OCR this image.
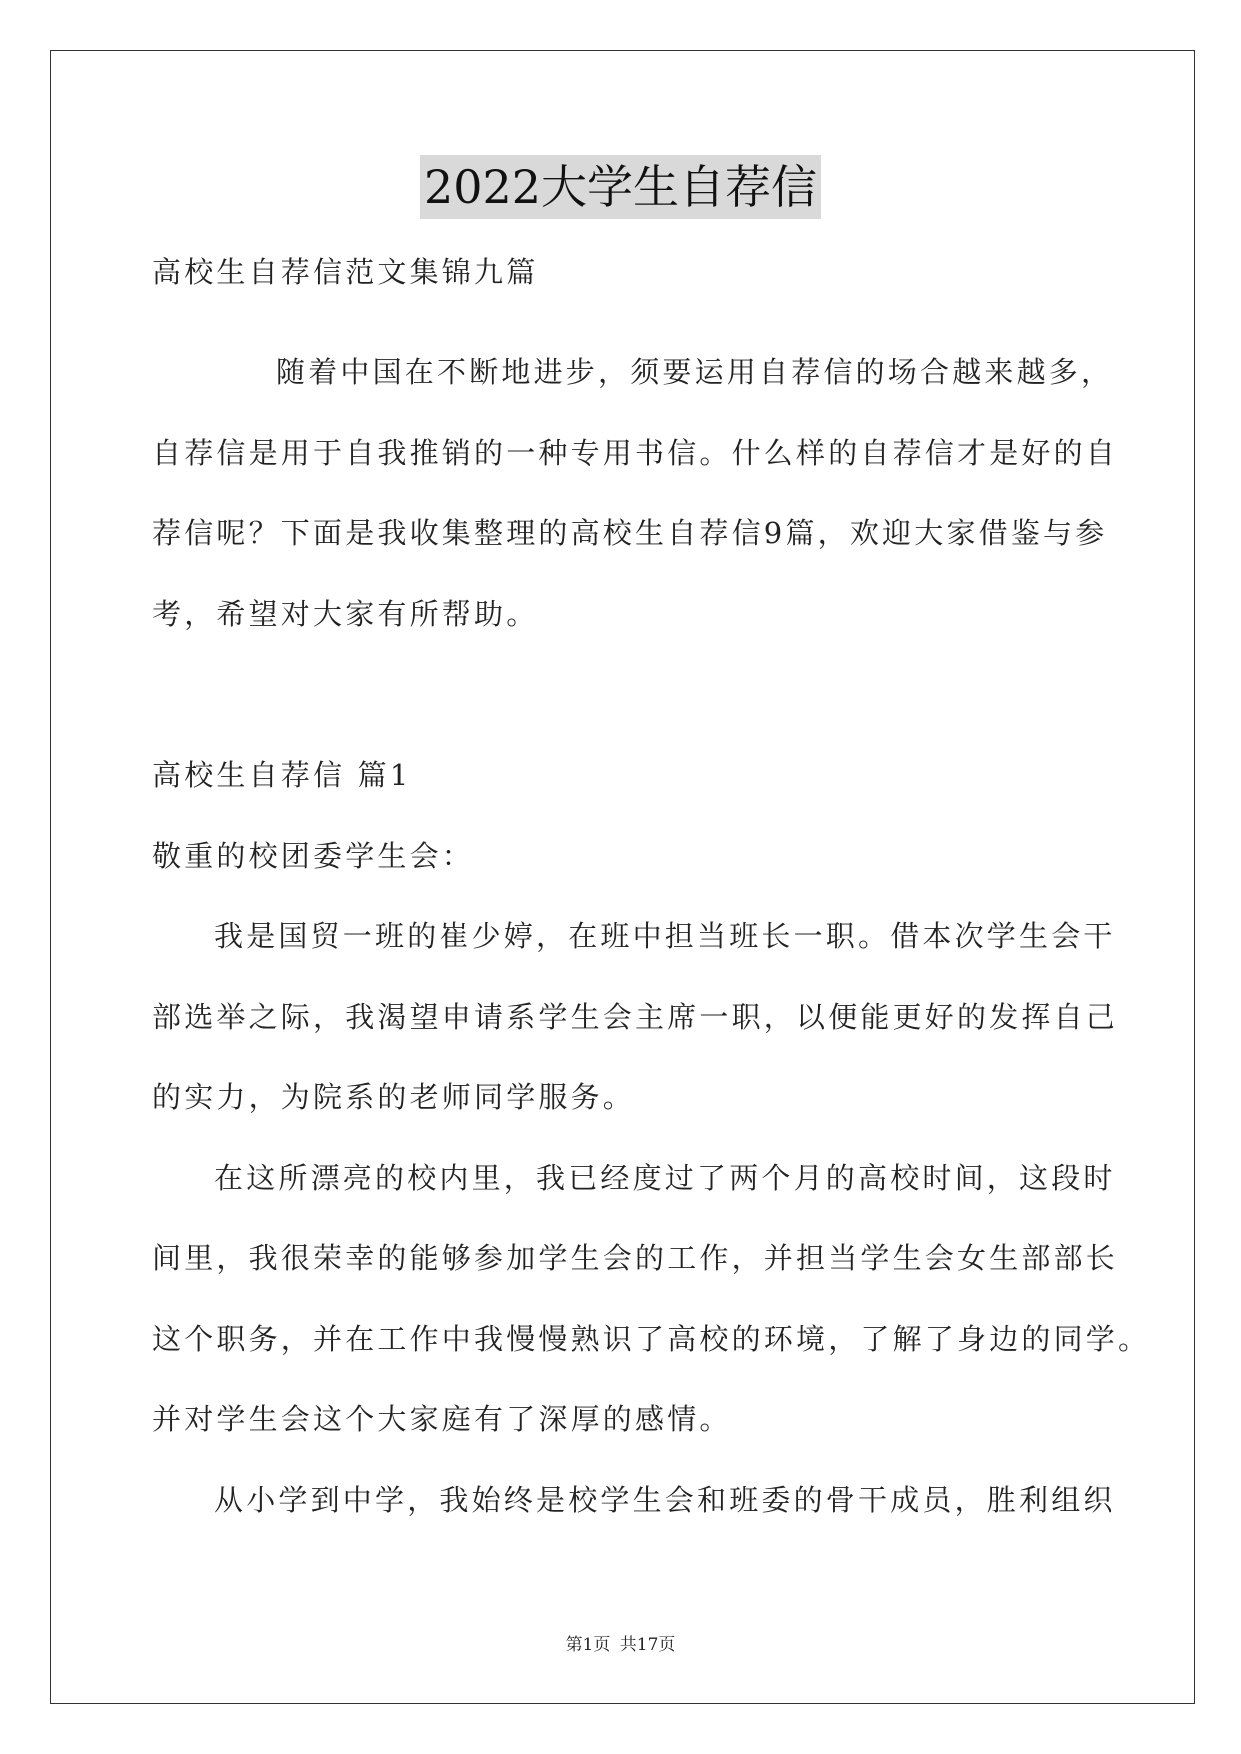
2022大学生自荐信
高校生自荐信范文集锦九篇
随着中国在不断地进步，须要运用自荐信的场合越来越多，
自荐信是用于自我推销的一种专用书信。什么样的自荐信才是好的自
荐信呢？下面是我收集整理的高校生自荐信9篇，欢迎大家借鉴与参
考，希望对大家有所帮助。
高校生自荐信 篇1
敬重的校团委学生会：
我是国贸一班的崔少婷，在班中担当班长一职。借本次学生会干
部选举之际，我渴望申请系学生会主席一职，以便能更好的发挥自己
的实力，为院系的老师同学服务。
在这所漂亮的校内里，我已经度过了两个月的高校时间，这段时
间里，我很荣幸的能够参加学生会的工作，并担当学生会女生部部长
这个职务，并在工作中我慢慢熟识了高校的环境，了解了身边的同学。
并对学生会这个大家庭有了深厚的感情。
从小学到中学，我始终是校学生会和班委的骨干成员，胜利组织
第1页 共17页
